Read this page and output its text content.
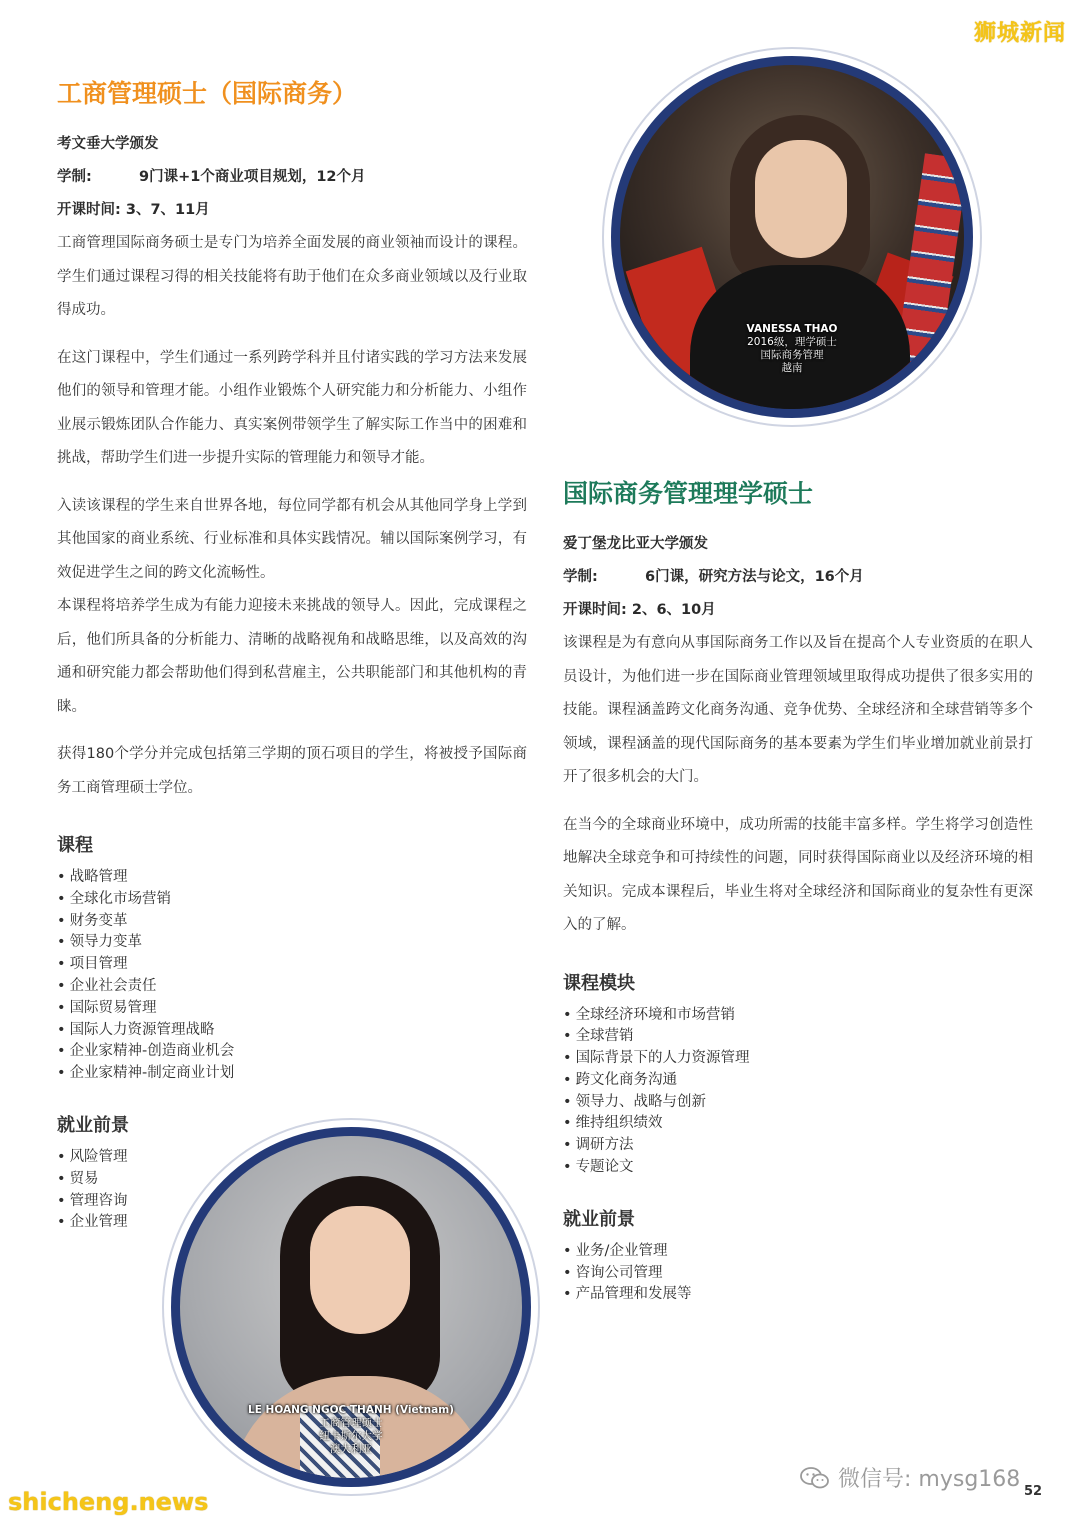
狮城新闻
工商管理硕士（国际商务）
考文垂大学颁发
学制:	9门课+1个商业项目规划，12个月
开课时间: 3、7、11月

工商管理国际商务硕士是专门为培养全面发展的商业领袖而设计的课程。学生们通过课程习得的相关技能将有助于他们在众多商业领域以及行业取得成功。

在这门课程中，学生们通过一系列跨学科并且付诸实践的学习方法来发展他们的领导和管理才能。小组作业锻炼个人研究能力和分析能力、小组作业展示锻炼团队合作能力、真实案例带领学生了解实际工作当中的困难和挑战，帮助学生们进一步提升实际的管理能力和领导才能。

入读该课程的学生来自世界各地，每位同学都有机会从其他同学身上学到其他国家的商业系统、行业标准和具体实践情况。辅以国际案例学习，有效促进学生之间的跨文化流畅性。

本课程将培养学生成为有能力迎接未来挑战的领导人。因此，完成课程之后，他们所具备的分析能力、清晰的战略视角和战略思维，以及高效的沟通和研究能力都会帮助他们得到私营雇主，公共职能部门和其他机构的青睐。

获得180个学分并完成包括第三学期的顶石项目的学生，将被授予国际商务工商管理硕士学位。

课程
• 战略管理
• 全球化市场营销
• 财务变革
• 领导力变革
• 项目管理
• 企业社会责任
• 国际贸易管理
• 国际人力资源管理战略
• 企业家精神-创造商业机会
• 企业家精神-制定商业计划
就业前景
• 风险管理
• 贸易
• 管理咨询
• 企业管理
VANESSA THAO
2016级，理学硕士
国际商务管理
越南
国际商务管理理学硕士
爱丁堡龙比亚大学颁发
学制:	6门课，研究方法与论文，16个月
开课时间: 2、6、10月

该课程是为有意向从事国际商务工作以及旨在提高个人专业资质的在职人员设计，为他们进一步在国际商业管理领域里取得成功提供了很多实用的技能。课程涵盖跨文化商务沟通、竞争优势、全球经济和全球营销等多个领域，课程涵盖的现代国际商务的基本要素为学生们毕业增加就业前景打开了很多机会的大门。

在当今的全球商业环境中，成功所需的技能丰富多样。学生将学习创造性地解决全球竞争和可持续性的问题，同时获得国际商业以及经济环境的相关知识。完成本课程后，毕业生将对全球经济和国际商业的复杂性有更深入的了解。

课程模块
• 全球经济环境和市场营销
• 全球营销
• 国际背景下的人力资源管理
• 跨文化商务沟通
• 领导力、战略与创新
• 维持组织绩效
• 调研方法
• 专题论文
就业前景
• 业务/企业管理
• 咨询公司管理
• 产品管理和发展等
LE HOANG NGOC THANH (Vietnam)
工商管理硕士
纽卡斯尔大学
澳大利亚
微信号: mysg168 52
shicheng.news
